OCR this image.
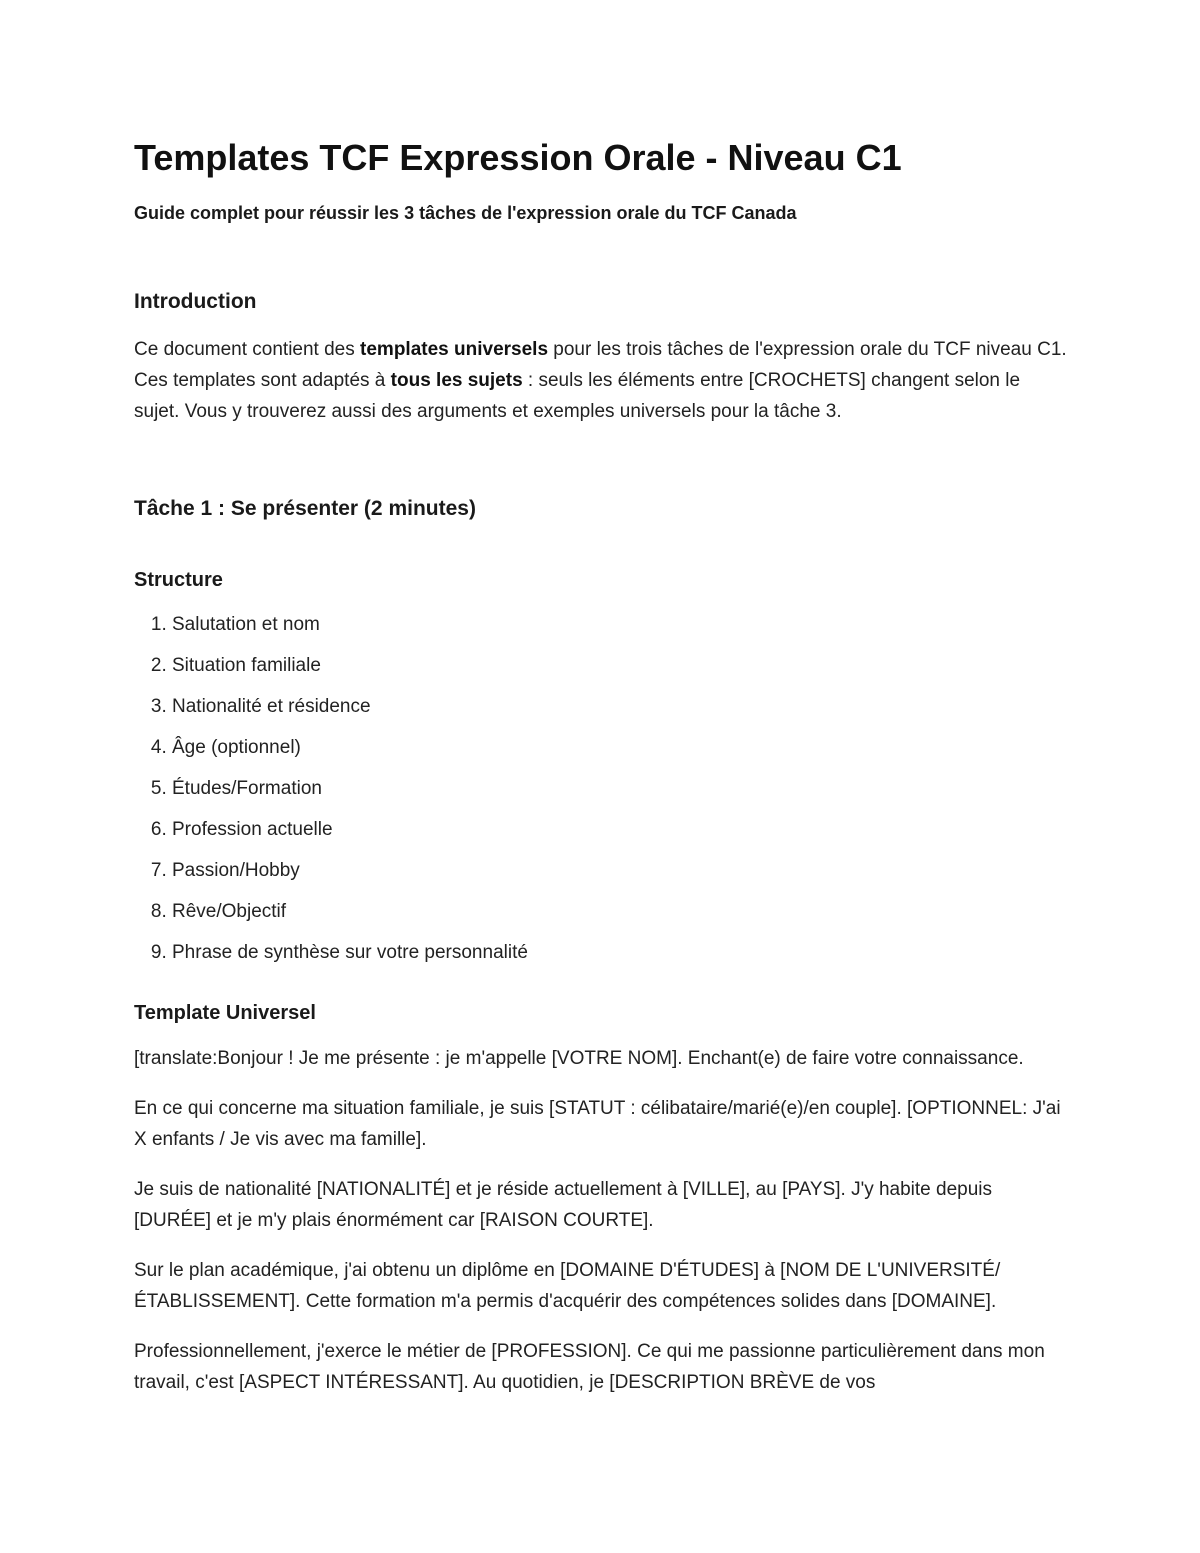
Templates TCF Expression Orale - Niveau C1
Guide complet pour réussir les 3 tâches de l'expression orale du TCF Canada
Introduction

Ce document contient des templates universels pour les trois tâches de l'expression orale du TCF niveau C1. Ces templates sont adaptés à tous les sujets : seuls les éléments entre [CROCHETS] changent selon le sujet. Vous y trouverez aussi des arguments et exemples universels pour la tâche 3.

Tâche 1 : Se présenter (2 minutes)
Structure
1. Salutation et nom
2. Situation familiale
3. Nationalité et résidence
4. Âge (optionnel)
5. Études/Formation
6. Profession actuelle
7. Passion/Hobby
8. Rêve/Objectif
9. Phrase de synthèse sur votre personnalité
Template Universel

[translate:Bonjour ! Je me présente : je m'appelle [VOTRE NOM]. Enchant(e) de faire votre connaissance.

En ce qui concerne ma situation familiale, je suis [STATUT : célibataire/marié(e)/en couple]. [OPTIONNEL: J'ai X enfants / Je vis avec ma famille].

Je suis de nationalité [NATIONALITÉ] et je réside actuellement à [VILLE], au [PAYS]. J'y habite depuis [DURÉE] et je m'y plais énormément car [RAISON COURTE].

Sur le plan académique, j'ai obtenu un diplôme en [DOMAINE D'ÉTUDES] à [NOM DE L'UNIVERSITÉ/ÉTABLISSEMENT]. Cette formation m'a permis d'acquérir des compétences solides dans [DOMAINE].

Professionnellement, j'exerce le métier de [PROFESSION]. Ce qui me passionne particulièrement dans mon travail, c'est [ASPECT INTÉRESSANT]. Au quotidien, je [DESCRIPTION BRÈVE de vos
